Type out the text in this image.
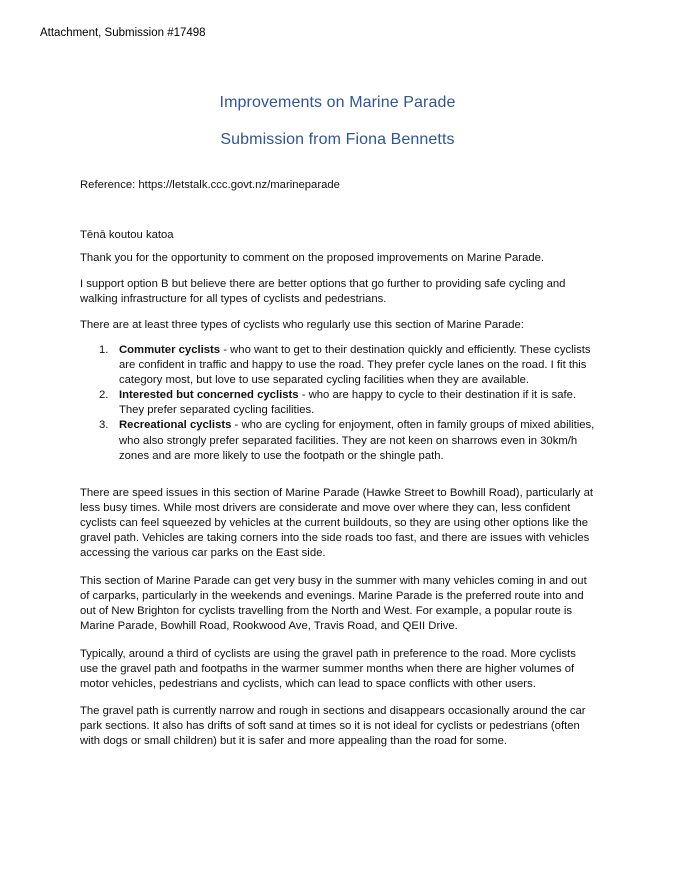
Attachment, Submission #17498
Improvements on Marine Parade
Submission from Fiona Bennetts

Reference: https://letstalk.ccc.govt.nz/marineparade

Tēnā koutou katoa

Thank you for the opportunity to comment on the proposed improvements on Marine Parade.

I support option B but believe there are better options that go further to providing safe cycling and walking infrastructure for all types of cyclists and pedestrians.

There are at least three types of cyclists who regularly use this section of Marine Parade:

1. Commuter cyclists - who want to get to their destination quickly and efficiently. These cyclists are confident in traffic and happy to use the road. They prefer cycle lanes on the road. I fit this category most, but love to use separated cycling facilities when they are available.
2. Interested but concerned cyclists - who are happy to cycle to their destination if it is safe. They prefer separated cycling facilities.
3. Recreational cyclists - who are cycling for enjoyment, often in family groups of mixed abilities, who also strongly prefer separated facilities. They are not keen on sharrows even in 30km/h zones and are more likely to use the footpath or the shingle path.

There are speed issues in this section of Marine Parade (Hawke Street to Bowhill Road), particularly at less busy times. While most drivers are considerate and move over where they can, less confident cyclists can feel squeezed by vehicles at the current buildouts, so they are using other options like the gravel path. Vehicles are taking corners into the side roads too fast, and there are issues with vehicles accessing the various car parks on the East side.

This section of Marine Parade can get very busy in the summer with many vehicles coming in and out of carparks, particularly in the weekends and evenings. Marine Parade is the preferred route into and out of New Brighton for cyclists travelling from the North and West. For example, a popular route is Marine Parade, Bowhill Road, Rookwood Ave, Travis Road, and QEII Drive.

Typically, around a third of cyclists are using the gravel path in preference to the road. More cyclists use the gravel path and footpaths in the warmer summer months when there are higher volumes of motor vehicles, pedestrians and cyclists, which can lead to space conflicts with other users.

The gravel path is currently narrow and rough in sections and disappears occasionally around the car park sections. It also has drifts of soft sand at times so it is not ideal for cyclists or pedestrians (often with dogs or small children) but it is safer and more appealing than the road for some.
